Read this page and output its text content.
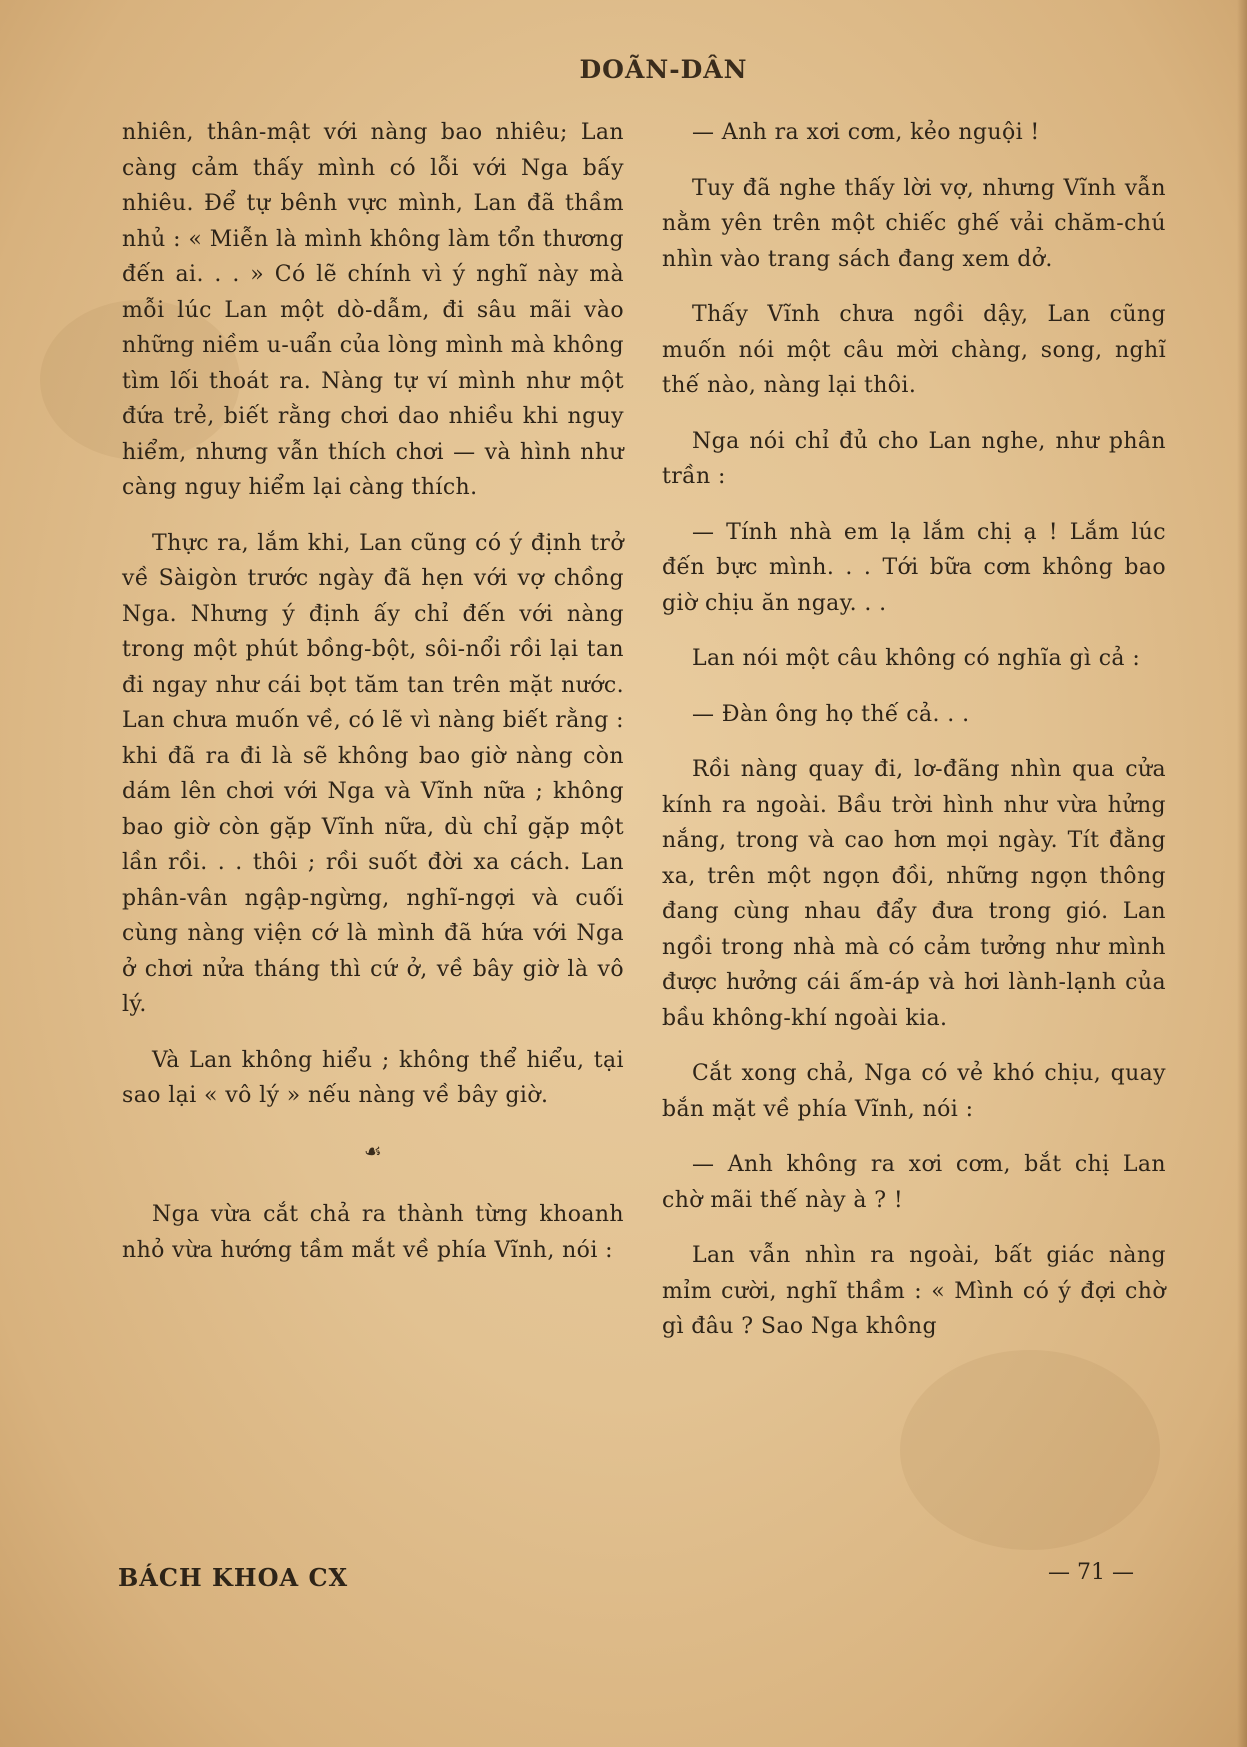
DOÃN-DÂN

nhiên, thân-mật với nàng bao nhiêu; Lan càng cảm thấy mình có lỗi với Nga bấy nhiêu. Để tự bênh vực mình, Lan đã thầm nhủ : « Miễn là mình không làm tổn thương đến ai. . . » Có lẽ chính vì ý nghĩ này mà mỗi lúc Lan một dò-dẫm, đi sâu mãi vào những niềm u-uẩn của lòng mình mà không tìm lối thoát ra. Nàng tự ví mình như một đứa trẻ, biết rằng chơi dao nhiều khi nguy hiểm, nhưng vẫn thích chơi — và hình như càng nguy hiểm lại càng thích.

Thực ra, lắm khi, Lan cũng có ý định trở về Sàigòn trước ngày đã hẹn với vợ chồng Nga. Nhưng ý định ấy chỉ đến với nàng trong một phút bồng-bột, sôi-nổi rồi lại tan đi ngay như cái bọt tăm tan trên mặt nước. Lan chưa muốn về, có lẽ vì nàng biết rằng : khi đã ra đi là sẽ không bao giờ nàng còn dám lên chơi với Nga và Vĩnh nữa ; không bao giờ còn gặp Vĩnh nữa, dù chỉ gặp một lần rồi. . . thôi ; rồi suốt đời xa cách. Lan phân-vân ngập-ngừng, nghĩ-ngợi và cuối cùng nàng viện cớ là mình đã hứa với Nga ở chơi nửa tháng thì cứ ở, về bây giờ là vô lý.

Và Lan không hiểu ; không thể hiểu, tại sao lại « vô lý » nếu nàng về bây giờ.

☙

Nga vừa cắt chả ra thành từng khoanh nhỏ vừa hướng tầm mắt về phía Vĩnh, nói :

— Anh ra xơi cơm, kẻo nguội !

Tuy đã nghe thấy lời vợ, nhưng Vĩnh vẫn nằm yên trên một chiếc ghế vải chăm-chú nhìn vào trang sách đang xem dở.

Thấy Vĩnh chưa ngồi dậy, Lan cũng muốn nói một câu mời chàng, song, nghĩ thế nào, nàng lại thôi.

Nga nói chỉ đủ cho Lan nghe, như phân trần :

— Tính nhà em lạ lắm chị ạ ! Lắm lúc đến bực mình. . . Tới bữa cơm không bao giờ chịu ăn ngay. . .

Lan nói một câu không có nghĩa gì cả :

— Đàn ông họ thế cả. . .

Rồi nàng quay đi, lơ-đãng nhìn qua cửa kính ra ngoài. Bầu trời hình như vừa hửng nắng, trong và cao hơn mọi ngày. Tít đằng xa, trên một ngọn đồi, những ngọn thông đang cùng nhau đẩy đưa trong gió. Lan ngồi trong nhà mà có cảm tưởng như mình được hưởng cái ấm-áp và hơi lành-lạnh của bầu không-khí ngoài kia.

Cắt xong chả, Nga có vẻ khó chịu, quay bắn mặt về phía Vĩnh, nói :

— Anh không ra xơi cơm, bắt chị Lan chờ mãi thế này à ? !

Lan vẫn nhìn ra ngoài, bất giác nàng mỉm cười, nghĩ thầm : « Mình có ý đợi chờ gì đâu ? Sao Nga không

BÁCH KHOA CX	— 71 —
